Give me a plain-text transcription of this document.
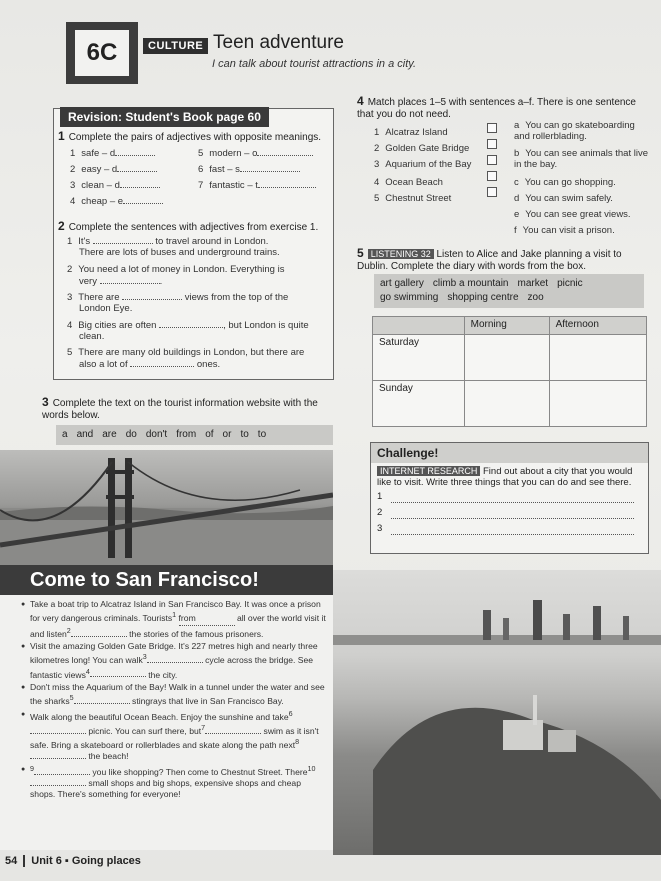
6C	CULTURE Teen adventure
I can talk about tourist attractions in a city.
Revision: Student's Book page 60
1 Complete the pairs of adjectives with opposite meanings.
1 safe – d
2 easy – d
3 clean – d
4 cheap – e
5 modern – o
6 fast – s
7 fantastic – t
2 Complete the sentences with adjectives from exercise 1.
1 It's	to travel around in London.
There are lots of buses and underground trains.
2 You need a lot of money in London. Everything is
very	.
3 There are	views from the top of the
London Eye.
4 Big cities are often	, but London is quite
clean.
5 There are many old buildings in London, but there are
also a lot of	ones.
3 Complete the text on the tourist information website with the words below.
a and are do don't from of or to to
4 Match places 1–5 with sentences a–f. There is one sentence that you do not need.
1 Alcatraz Island
2 Golden Gate Bridge
3 Aquarium of the Bay
4 Ocean Beach
5 Chestnut Street
a You can go skateboarding and rollerblading.
b You can see animals that live in the bay.
c You can go shopping.
d You can swim safely.
e You can see great views.
f You can visit a prison.
5 LISTENING 32 Listen to Alice and Jake planning a visit to Dublin. Complete the diary with words from the box.
art gallery climb a mountain market picnic
go swimming shopping centre zoo
	Morning	Afternoon
Saturday		
Sunday		
Challenge!
INTERNET RESEARCH Find out about a city that you would like to visit. Write three things that you can do and see there.
1
2
3
Come to San Francisco!
● Take a boat trip to Alcatraz Island in San Francisco Bay. It was once a prison for very dangerous criminals. Tourists$^1$ from	all over the world visit it and listen$^2$	the stories of the famous prisoners.
● Visit the amazing Golden Gate Bridge. It's 227 metres high and nearly three kilometres long! You can walk$^3$	cycle across the bridge. See fantastic views$^4$	the city.
● Don't miss the Aquarium of the Bay! Walk in a tunnel under the water and see the sharks$^5$	stingrays that live in San Francisco Bay.
● Walk along the beautiful Ocean Beach. Enjoy the sunshine and take$^6$ picnic. You can surf there, but$^7$	swim as it isn't safe. Bring a skateboard or rollerblades and skate along the path next$^8$ the beach!
● $^9$	you like shopping? Then come to Chestnut Street. There$^{10}$ small shops and big shops, expensive shops and cheap shops. There's something for everyone!
54 Unit 6 ▪ Going places
